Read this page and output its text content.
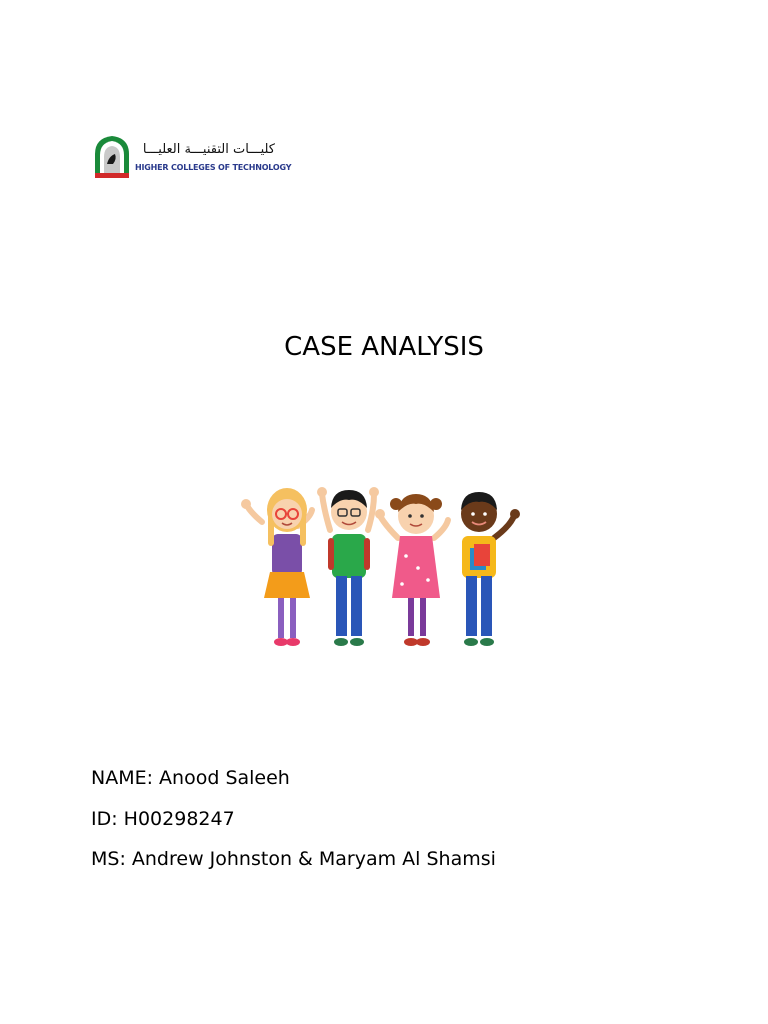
كليـــات التقنيـــة العليـــا
HIGHER COLLEGES OF TECHNOLOGY
CASE ANALYSIS
NAME: Anood Saleeh
ID: H00298247
MS: Andrew Johnston & Maryam Al Shamsi
